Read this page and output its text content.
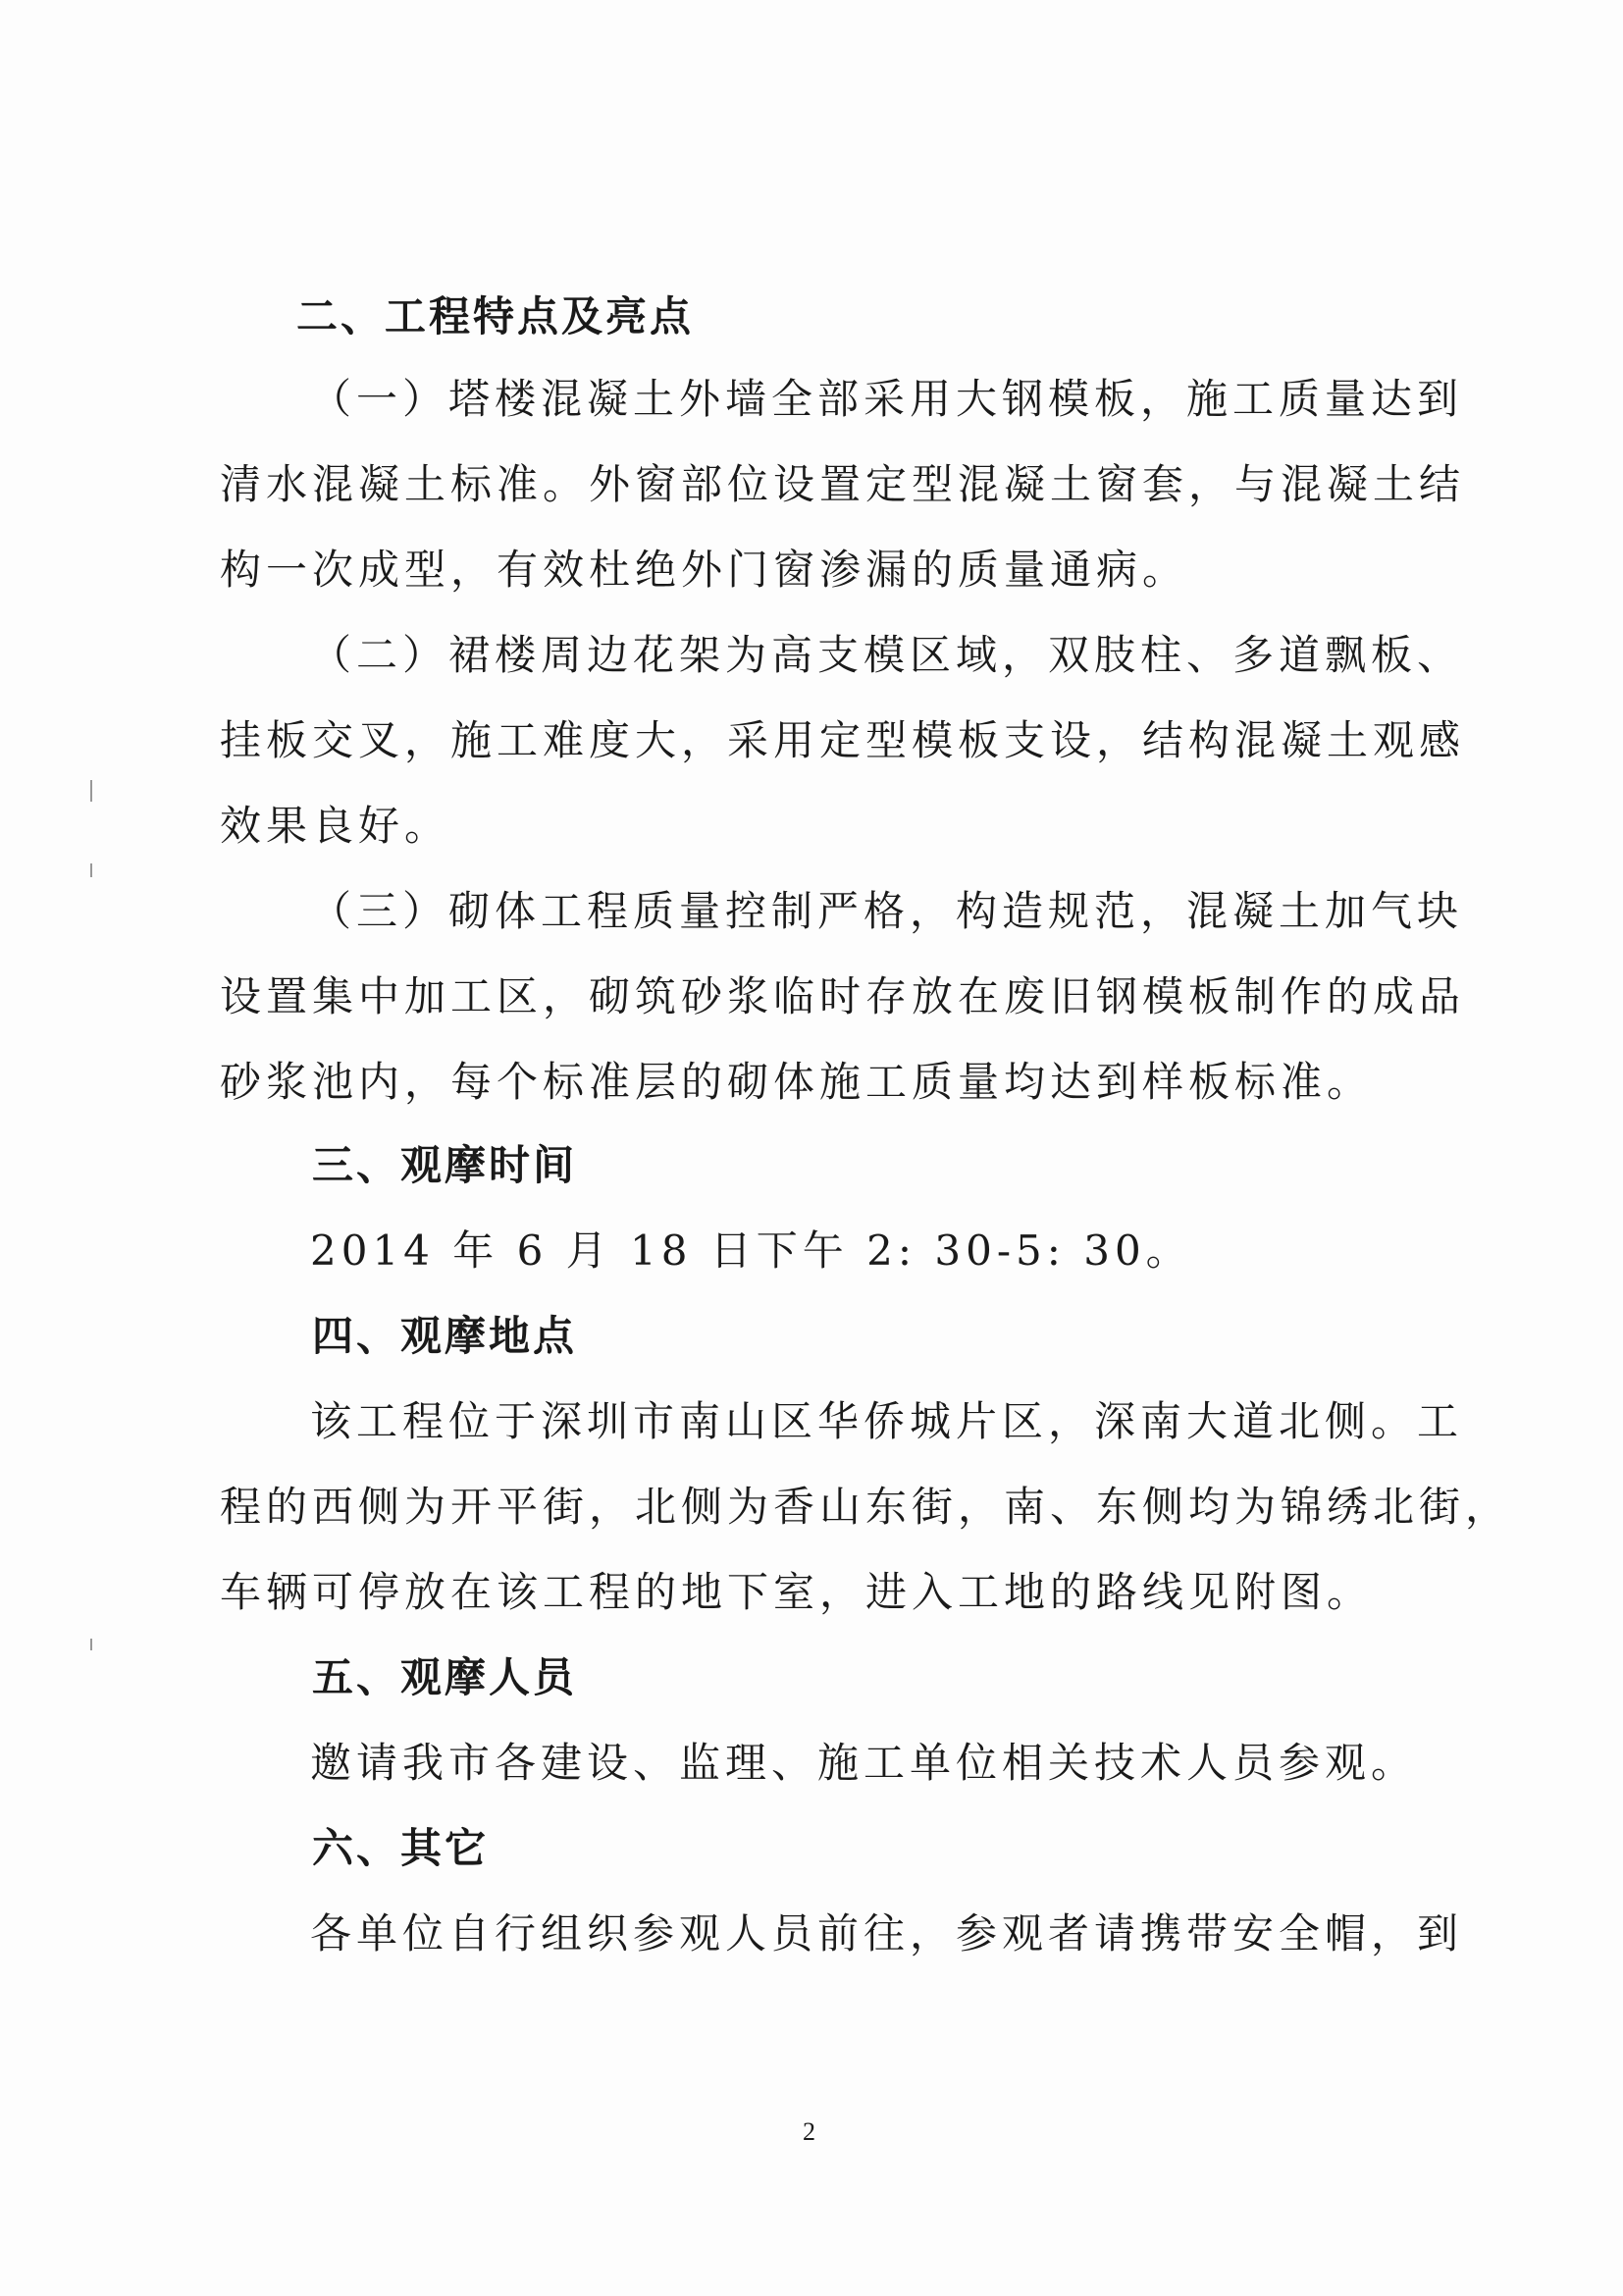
二、工程特点及亮点
（一）塔楼混凝土外墙全部采用大钢模板，施工质量达到
清水混凝土标准。外窗部位设置定型混凝土窗套，与混凝土结
构一次成型，有效杜绝外门窗渗漏的质量通病。
（二）裙楼周边花架为高支模区域，双肢柱、多道飘板、
挂板交叉，施工难度大，采用定型模板支设，结构混凝土观感
效果良好。
（三）砌体工程质量控制严格，构造规范，混凝土加气块
设置集中加工区，砌筑砂浆临时存放在废旧钢模板制作的成品
砂浆池内，每个标准层的砌体施工质量均达到样板标准。
三、观摩时间
2014 年 6 月 18 日下午 2: 30-5: 30。
四、观摩地点
该工程位于深圳市南山区华侨城片区，深南大道北侧。工
程的西侧为开平街，北侧为香山东街，南、东侧均为锦绣北街，
车辆可停放在该工程的地下室，进入工地的路线见附图。
五、观摩人员
邀请我市各建设、监理、施工单位相关技术人员参观。
六、其它
各单位自行组织参观人员前往，参观者请携带安全帽，到
2
